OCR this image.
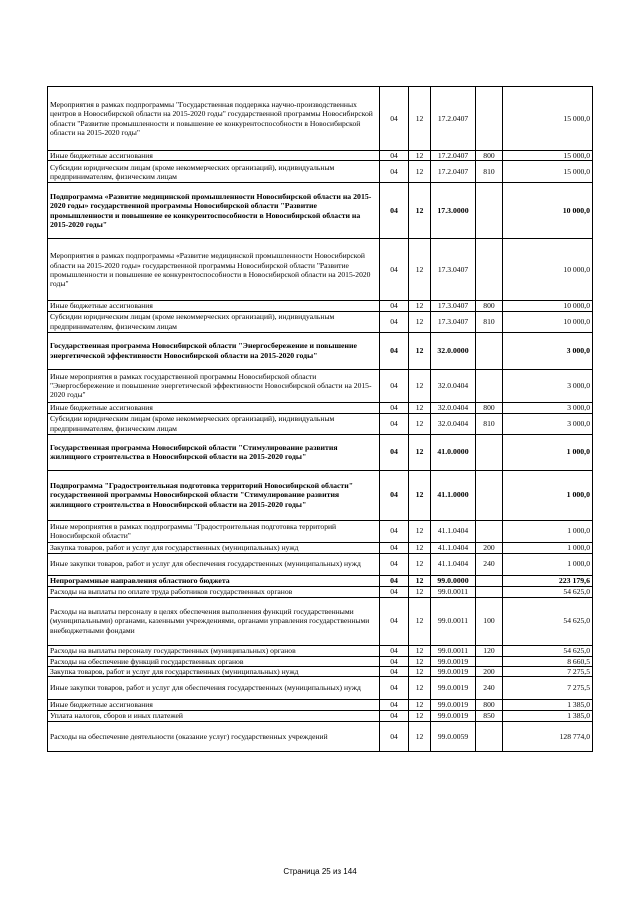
Мероприятия в рамках подпрограммы "Государственная поддержка научно-производственных центров в Новосибирской области на 2015-2020 годы" государственной программы Новосибирской области "Развитие промышленности и повышение ее конкурентоспособности в Новосибирской области на 2015-2020 годы"	04	12	17.2.0407		15 000,0
Иные бюджетные ассигнования	04	12	17.2.0407	800	15 000,0
Субсидии юридическим лицам (кроме некоммерческих организаций), индивидуальным предпринимателям, физическим лицам	04	12	17.2.0407	810	15 000,0
Подпрограмма «Развитие медицинской промышленности Новосибирской области на 2015-2020 годы» государственной программы Новосибирской области "Развитие промышленности и повышение ее конкурентоспособности в Новосибирской области на 2015-2020 годы"	04	12	17.3.0000		10 000,0
Мероприятия в рамках подпрограммы «Развитие медицинской промышленности Новосибирской области на 2015-2020 годы» государственной программы Новосибирской области "Развитие промышленности и повышение ее конкурентоспособности в Новосибирской области на 2015-2020 годы"	04	12	17.3.0407		10 000,0
Иные бюджетные ассигнования	04	12	17.3.0407	800	10 000,0
Субсидии юридическим лицам (кроме некоммерческих организаций), индивидуальным предпринимателям, физическим лицам	04	12	17.3.0407	810	10 000,0
Государственная программа Новосибирской области "Энергосбережение и повышение энергетической эффективности Новосибирской области на 2015-2020 годы"	04	12	32.0.0000		3 000,0
Иные мероприятия в рамках государственной программы Новосибирской области "Энергосбережение и повышение энергетической эффективности Новосибирской области на 2015- 2020 годы"	04	12	32.0.0404		3 000,0
Иные бюджетные ассигнования	04	12	32.0.0404	800	3 000,0
Субсидии юридическим лицам (кроме некоммерческих организаций), индивидуальным предпринимателям, физическим лицам	04	12	32.0.0404	810	3 000,0
Государственная программа Новосибирской области "Стимулирование развития жилищного строительства в Новосибирской области на 2015-2020 годы"	04	12	41.0.0000		1 000,0
Подпрограмма "Градостроительная подготовка территорий Новосибирской области" государственной программы Новосибирской области "Стимулирование развития жилищного строительства в Новосибирской области на 2015-2020 годы"	04	12	41.1.0000		1 000,0
Иные мероприятия в рамках подпрограммы "Градостроительная подготовка территорий Новосибирской области"	04	12	41.1.0404		1 000,0
Закупка товаров, работ и услуг для государственных (муниципальных) нужд	04	12	41.1.0404	200	1 000,0
Иные закупки товаров, работ и услуг для обеспечения государственных (муниципальных) нужд	04	12	41.1.0404	240	1 000,0
Непрограммные направления областного бюджета	04	12	99.0.0000		223 179,6
Расходы на выплаты по оплате труда работников государственных органов	04	12	99.0.0011		54 625,0
Расходы на выплаты персоналу в целях обеспечения выполнения функций государственными (муниципальными) органами, казенными учреждениями, органами управления государственными внебюджетными фондами	04	12	99.0.0011	100	54 625,0
Расходы на выплаты персоналу государственных (муниципальных) органов	04	12	99.0.0011	120	54 625,0
Расходы на обеспечение функций государственных органов	04	12	99.0.0019		8 660,5
Закупка товаров, работ и услуг для государственных (муниципальных) нужд	04	12	99.0.0019	200	7 275,5
Иные закупки товаров, работ и услуг для обеспечения государственных (муниципальных) нужд	04	12	99.0.0019	240	7 275,5
Иные бюджетные ассигнования	04	12	99.0.0019	800	1 385,0
Уплата налогов, сборов и иных платежей	04	12	99.0.0019	850	1 385,0
Расходы на обеспечение деятельности (оказание услуг) государственных учреждений	04	12	99.0.0059		128 774,0
Страница 25 из 144
